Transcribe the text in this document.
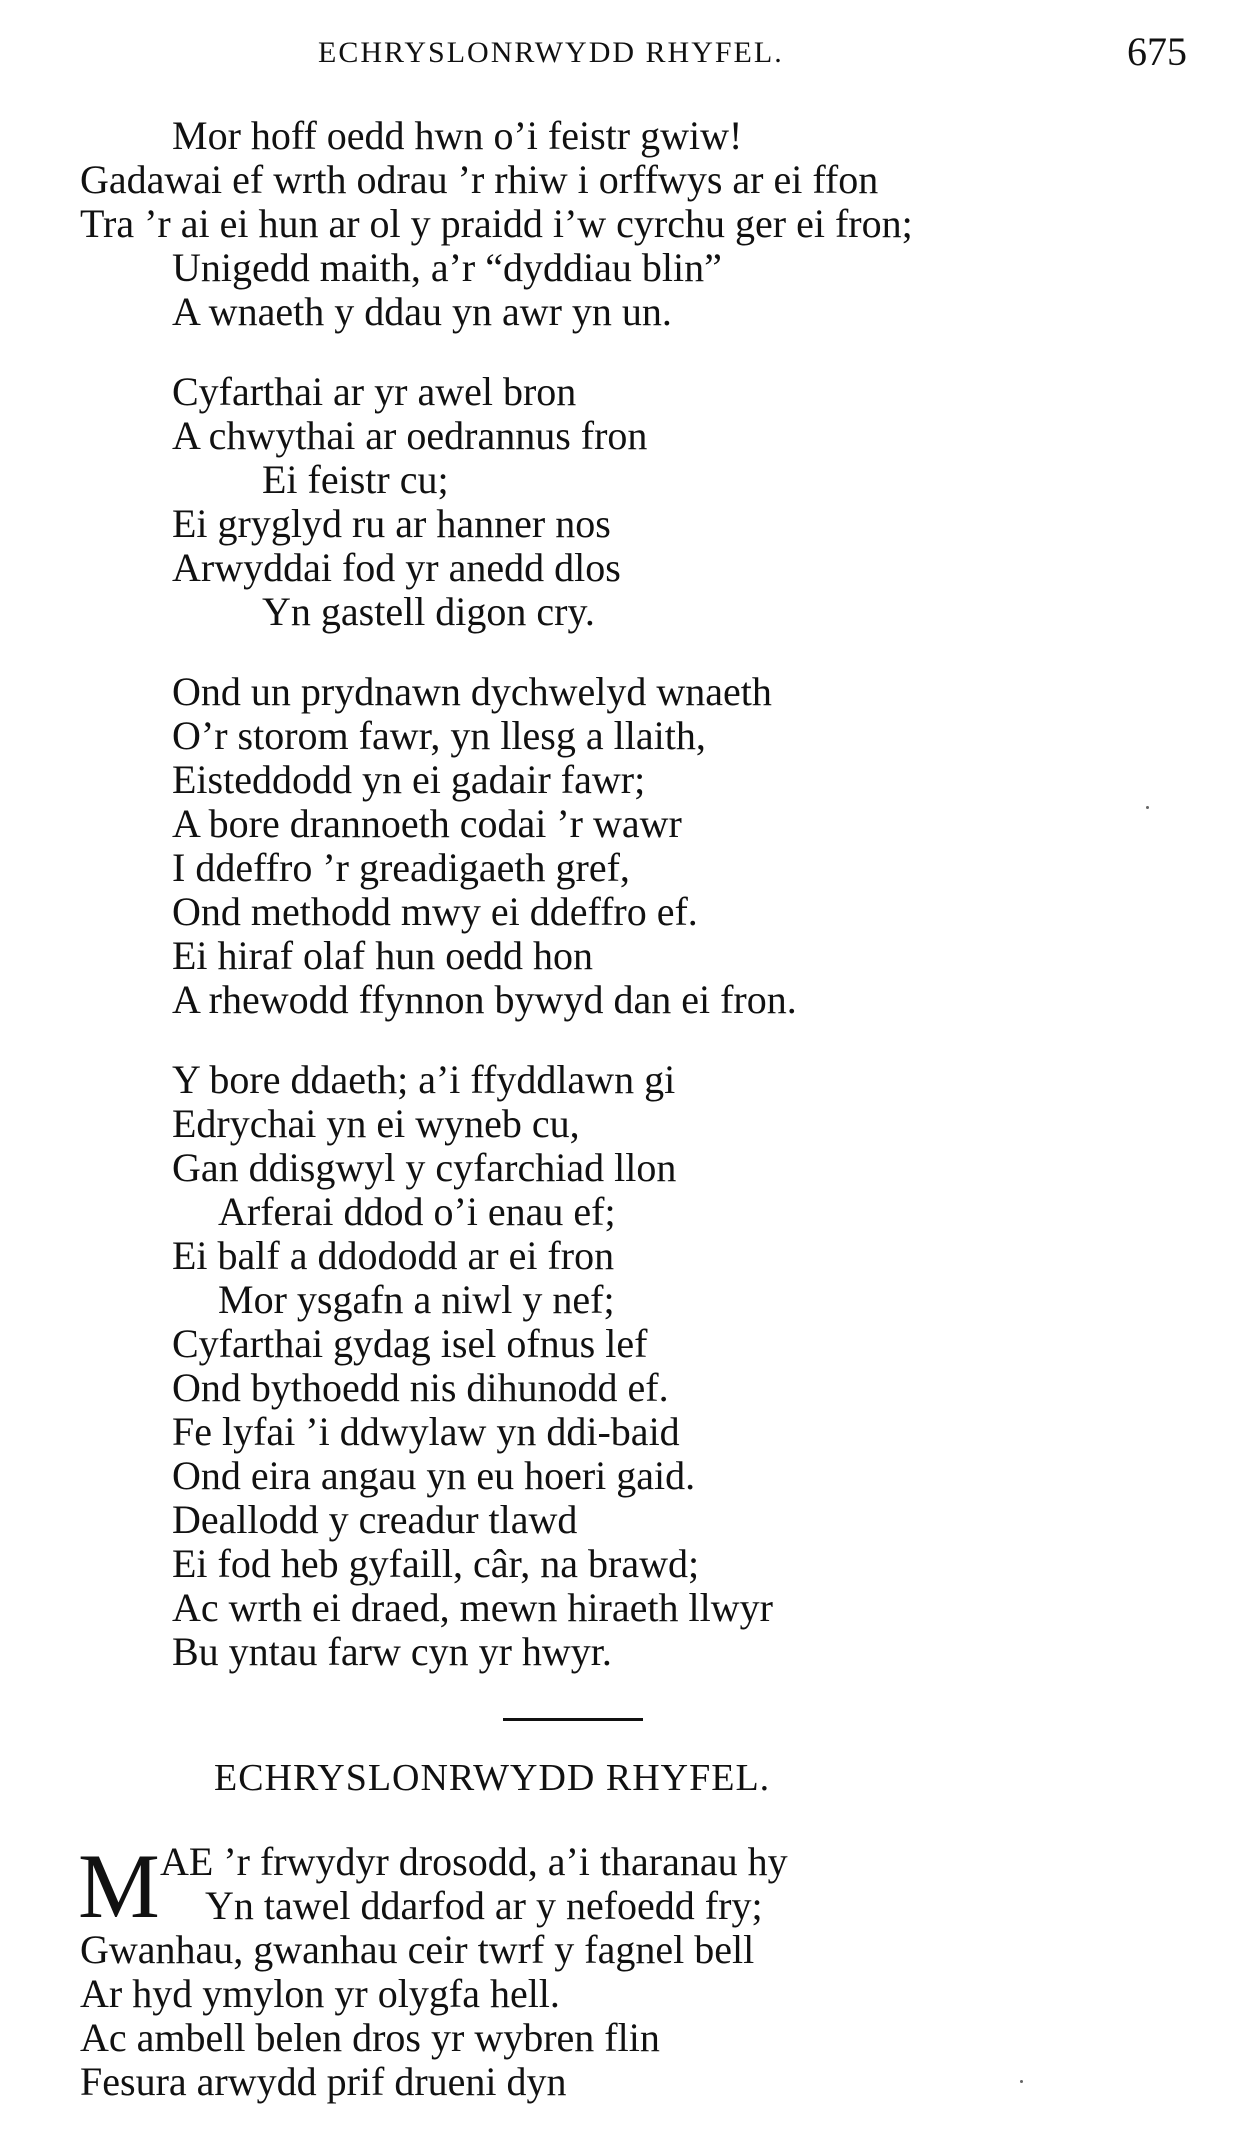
ECHRYSLONRWYDD RHYFEL.	675
Mor hoff oedd hwn o’i feistr gwiw!
Gadawai ef wrth odrau ’r rhiw i orffwys ar ei ffon
Tra ’r ai ei hun ar ol y praidd i’w cyrchu ger ei fron;
Unigedd maith, a’r “dyddiau blin”
A wnaeth y ddau yn awr yn un.
Cyfarthai ar yr awel bron
A chwythai ar oedrannus fron
Ei feistr cu;
Ei gryglyd ru ar hanner nos
Arwyddai fod yr anedd dlos
Yn gastell digon cry.
Ond un prydnawn dychwelyd wnaeth
O’r storom fawr, yn llesg a llaith,
Eisteddodd yn ei gadair fawr;
A bore drannoeth codai ’r wawr
I ddeffro ’r greadigaeth gref,
Ond methodd mwy ei ddeffro ef.
Ei hiraf olaf hun oedd hon
A rhewodd ffynnon bywyd dan ei fron.
Y bore ddaeth; a’i ffyddlawn gi
Edrychai yn ei wyneb cu,
Gan ddisgwyl y cyfarchiad llon
Arferai ddod o’i enau ef;
Ei balf a ddododd ar ei fron
Mor ysgafn a niwl y nef;
Cyfarthai gydag isel ofnus lef
Ond bythoedd nis dihunodd ef.
Fe lyfai ’i ddwylaw yn ddi-baid
Ond eira angau yn eu hoeri gaid.
Deallodd y creadur tlawd
Ei fod heb gyfaill, câr, na brawd;
Ac wrth ei draed, mewn hiraeth llwyr
Bu yntau farw cyn yr hwyr.
ECHRYSLONRWYDD RHYFEL.
M AE ’r frwydyr drosodd, a’i tharanau hy
Yn tawel ddarfod ar y nefoedd fry;
Gwanhau, gwanhau ceir twrf y fagnel bell
Ar hyd ymylon yr olygfa hell.
Ac ambell belen dros yr wybren flin
Fesura arwydd prif drueni dyn
